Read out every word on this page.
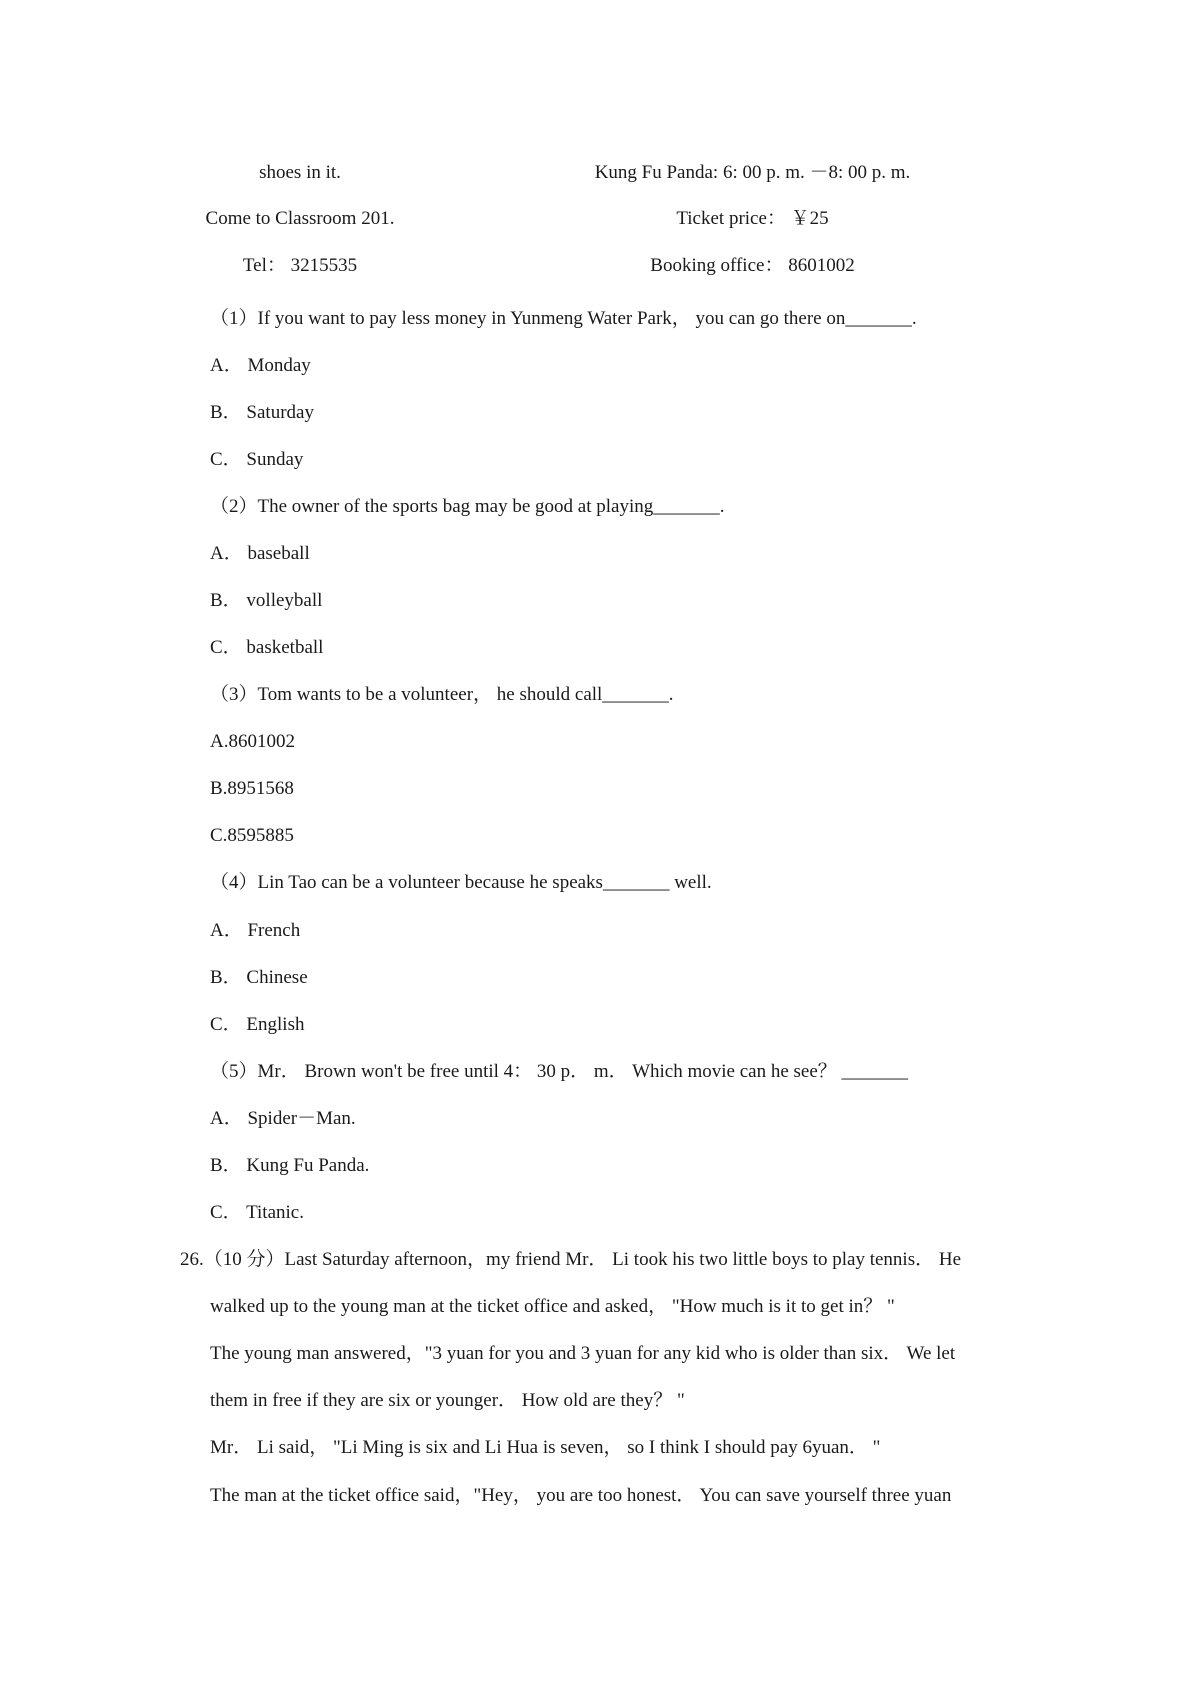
shoes in it.	Kung Fu Panda: 6: 00 p. m. －8: 00 p. m.
Come to Classroom 201.	Ticket price： ￥25
Tel： 3215535	Booking office： 8601002
（1）If you want to pay less money in Yunmeng Water Park， you can go there on_______.
A． Monday
B． Saturday
C． Sunday
（2）The owner of the sports bag may be good at playing_______.
A． baseball
B． volleyball
C． basketball
（3）Tom wants to be a volunteer， he should call_______.
A.8601002
B.8951568
C.8595885
（4）Lin Tao can be a volunteer because he speaks_______ well.
A． French
B． Chinese
C． English
（5）Mr． Brown won't be free until 4： 30 p． m． Which movie can he see？ _______
A． Spider－Man.
B． Kung Fu Panda.
C． Titanic.
26.（10 分）Last Saturday afternoon，my friend Mr． Li took his two little boys to play tennis． He
walked up to the young man at the ticket office and asked， "How much is it to get in？ "
The young man answered，"3 yuan for you and 3 yuan for any kid who is older than six． We let
them in free if they are six or younger． How old are they？ "
Mr． Li said， "Li Ming is six and Li Hua is seven， so I think I should pay 6yuan． "
The man at the ticket office said，"Hey， you are too honest． You can save yourself three yuan
